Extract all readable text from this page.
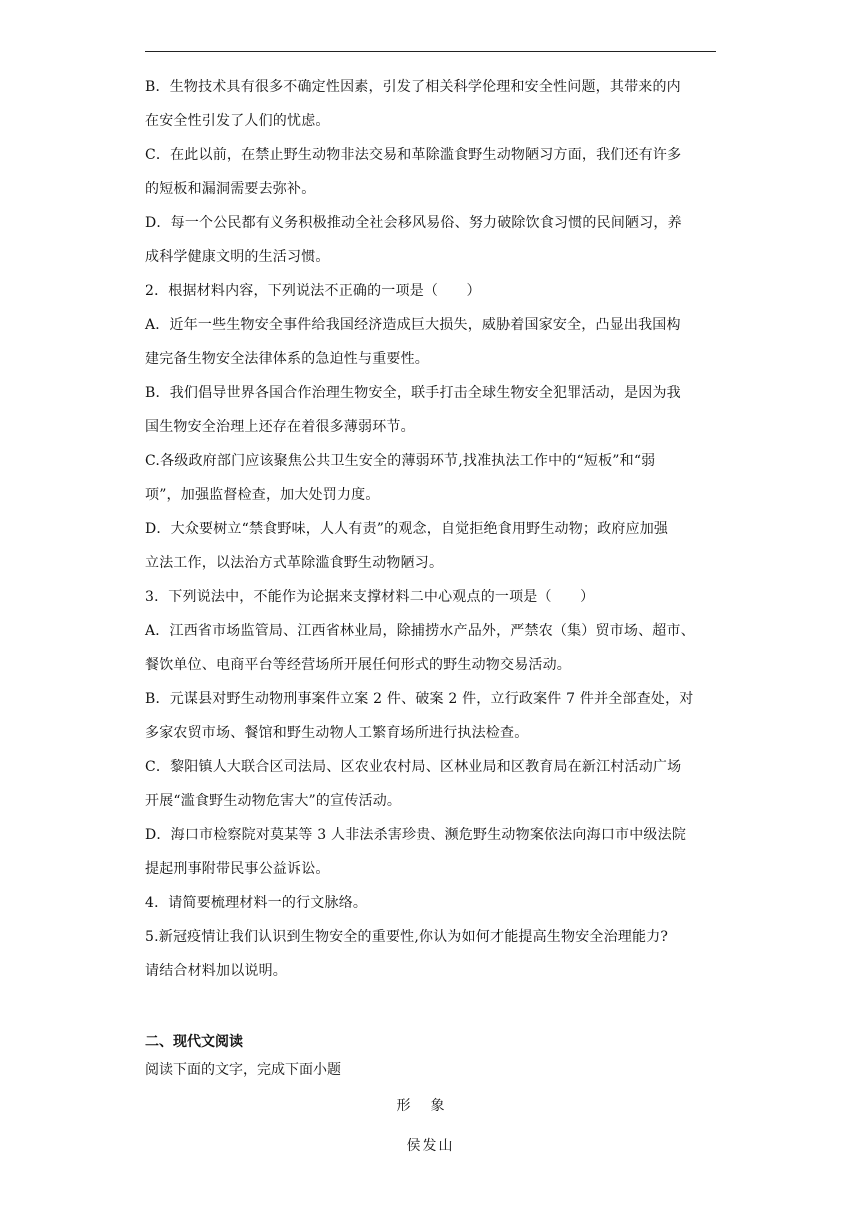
B．生物技术具有很多不确定性因素，引发了相关科学伦理和安全性问题，其带来的内

在安全性引发了人们的忧虑。

C．在此以前，在禁止野生动物非法交易和革除滥食野生动物陋习方面，我们还有许多

的短板和漏洞需要去弥补。

D．每一个公民都有义务积极推动全社会移风易俗、努力破除饮食习惯的民间陋习，养

成科学健康文明的生活习惯。

2．根据材料内容，下列说法不正确的一项是（　　）

A．近年一些生物安全事件给我国经济造成巨大损失，威胁着国家安全，凸显出我国构

建完备生物安全法律体系的急迫性与重要性。

B．我们倡导世界各国合作治理生物安全，联手打击全球生物安全犯罪活动，是因为我

国生物安全治理上还存在着很多薄弱环节。

C.各级政府部门应该聚焦公共卫生安全的薄弱环节,找准执法工作中的“短板”和“弱

项”，加强监督检查，加大处罚力度。

D．大众要树立“禁食野味，人人有责”的观念，自觉拒绝食用野生动物；政府应加强

立法工作，以法治方式革除滥食野生动物陋习。

3．下列说法中，不能作为论据来支撑材料二中心观点的一项是（　　）

A．江西省市场监管局、江西省林业局，除捕捞水产品外，严禁农（集）贸市场、超市、

餐饮单位、电商平台等经营场所开展任何形式的野生动物交易活动。

B．元谋县对野生动物刑事案件立案 2 件、破案 2 件，立行政案件 7 件并全部查处，对

多家农贸市场、餐馆和野生动物人工繁育场所进行执法检查。

C．黎阳镇人大联合区司法局、区农业农村局、区林业局和区教育局在新江村活动广场

开展“滥食野生动物危害大”的宣传活动。

D．海口市检察院对莫某等 3 人非法杀害珍贵、濒危野生动物案依法向海口市中级法院

提起刑事附带民事公益诉讼。

4．请简要梳理材料一的行文脉络。

5.新冠疫情让我们认识到生物安全的重要性,你认为如何才能提高生物安全治理能力?

请结合材料加以说明。

二、现代文阅读

阅读下面的文字，完成下面小题

形象

侯发山
